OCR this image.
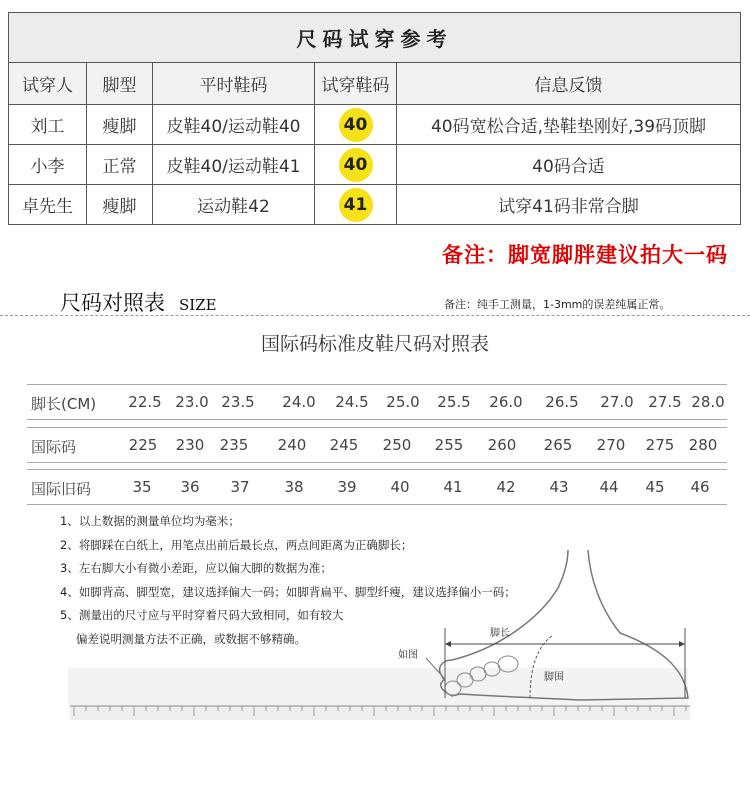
尺码试穿参考				
试穿人	脚型	平时鞋码	试穿鞋码	信息反馈
刘工	瘦脚	皮鞋40/运动鞋40	40	40码宽松合适,垫鞋垫刚好,39码顶脚
小李	正常	皮鞋40/运动鞋41	40	40码合适
卓先生	瘦脚	运动鞋42	41	试穿41码非常合脚
备注：脚宽脚胖建议拍大一码
尺码对照表 SIZE	备注：纯手工测量，1-3mm的误差纯属正常。
国际码标准皮鞋尺码对照表
脚长(CM) 22.5 23.0 23.5 24.0 24.5 25.0 25.5 26.0 26.5 27.0 27.5 28.0
国际码	225 230 235 240 245 250 255 260 265 270 275 280
国际旧码	35 36 37 38 39 40 41 42 43 44 45 46
脚长
如图
脚围
1、以上数据的测量单位均为毫米；
2、将脚踩在白纸上，用笔点出前后最长点，两点间距离为正确脚长；
3、左右脚大小有微小差距，应以偏大脚的数据为准；
4、如脚背高、脚型宽，建议选择偏大一码；如脚背扁平、脚型纤瘦，建议选择偏小一码；
5、测量出的尺寸应与平时穿着尺码大致相同，如有较大
偏差说明测量方法不正确，或数据不够精确。
